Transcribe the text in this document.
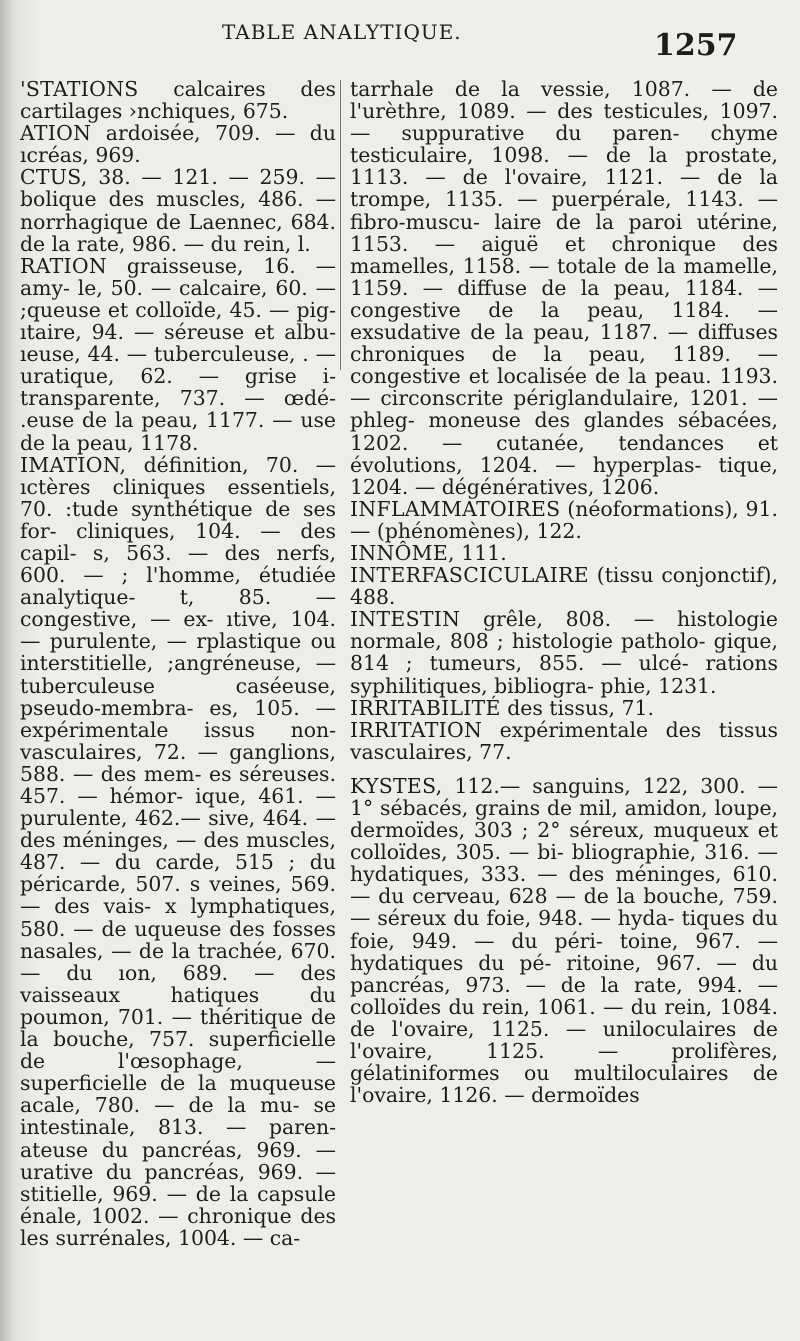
TABLE ANALYTIQUE.	1257

'STATIONS calcaires des cartilages ›nchiques, 675.

ATION ardoisée, 709. — du ıcréas, 969.

CTUS, 38. — 121. — 259. — bolique des muscles, 486. — norrhagique de Laennec, 684. de la rate, 986. — du rein, l.

RATION graisseuse, 16. — amy- le, 50. — calcaire, 60. — ;queuse et colloïde, 45. — pig- ıtaire, 94. — séreuse et albu- ıeuse, 44. — tuberculeuse, . — uratique, 62. — grise i-transparente, 737. — œdé- .euse de la peau, 1177. — use de la peau, 1178.

IMATION, définition, 70. — ıctères cliniques essentiels, 70. :tude synthétique de ses for- cliniques, 104. — des capil- s, 563. — des nerfs, 600. — ; l'homme, étudiée analytique- t, 85. — congestive, — ex- ıtive, 104. — purulente, — rplastique ou interstitielle, ;angréneuse, — tuberculeuse caséeuse, pseudo-membra- es, 105. — expérimentale issus non-vasculaires, 72. — ganglions, 588. — des mem- es séreuses. 457. — hémor- ique, 461. — purulente, 462.— sive, 464. — des méninges, — des muscles, 487. — du carde, 515 ; du péricarde, 507. s veines, 569. — des vais- x lymphatiques, 580. — de uqueuse des fosses nasales, — de la trachée, 670. — du ıon, 689. — des vaisseaux hatiques du poumon, 701. — théritique de la bouche, 757. superficielle de l'œsophage, — superficielle de la muqueuse acale, 780. — de la mu- se intestinale, 813. — paren- ateuse du pancréas, 969. — urative du pancréas, 969. — stitielle, 969. — de la capsule énale, 1002. — chronique des les surrénales, 1004. — ca-

tarrhale de la vessie, 1087. — de l'urèthre, 1089. — des testicules, 1097. — suppurative du paren- chyme testiculaire, 1098. — de la prostate, 1113. — de l'ovaire, 1121. — de la trompe, 1135. — puerpérale, 1143. — fibro-muscu- laire de la paroi utérine, 1153. — aiguë et chronique des mamelles, 1158. — totale de la mamelle, 1159. — diffuse de la peau, 1184. — congestive de la peau, 1184. — exsudative de la peau, 1187. — diffuses chroniques de la peau, 1189. — congestive et localisée de la peau. 1193. — circonscrite périglandulaire, 1201. — phleg- moneuse des glandes sébacées, 1202. — cutanée, tendances et évolutions, 1204. — hyperplas- tique, 1204. — dégénératives, 1206.

INFLAMMATOIRES (néoformations), 91. — (phénomènes), 122.

INNÔME, 111.

INTERFASCICULAIRE (tissu conjonctif), 488.

INTESTIN grêle, 808. — histologie normale, 808 ; histologie patholo- gique, 814 ; tumeurs, 855. — ulcé- rations syphilitiques, bibliogra- phie, 1231.

IRRITABILITÉ des tissus, 71.

IRRITATION expérimentale des tissus vasculaires, 77.

KYSTES, 112.— sanguins, 122, 300. — 1° sébacés, grains de mil, amidon, loupe, dermoïdes, 303 ; 2° séreux, muqueux et colloïdes, 305. — bi- bliographie, 316. — hydatiques, 333. — des méninges, 610. — du cerveau, 628 — de la bouche, 759. — séreux du foie, 948. — hyda- tiques du foie, 949. — du péri- toine, 967. — hydatiques du pé- ritoine, 967. — du pancréas, 973. — de la rate, 994. — colloïdes du rein, 1061. — du rein, 1084. de l'ovaire, 1125. — uniloculaires de l'ovaire, 1125. — prolifères, gélatiniformes ou multiloculaires de l'ovaire, 1126. — dermoïdes
